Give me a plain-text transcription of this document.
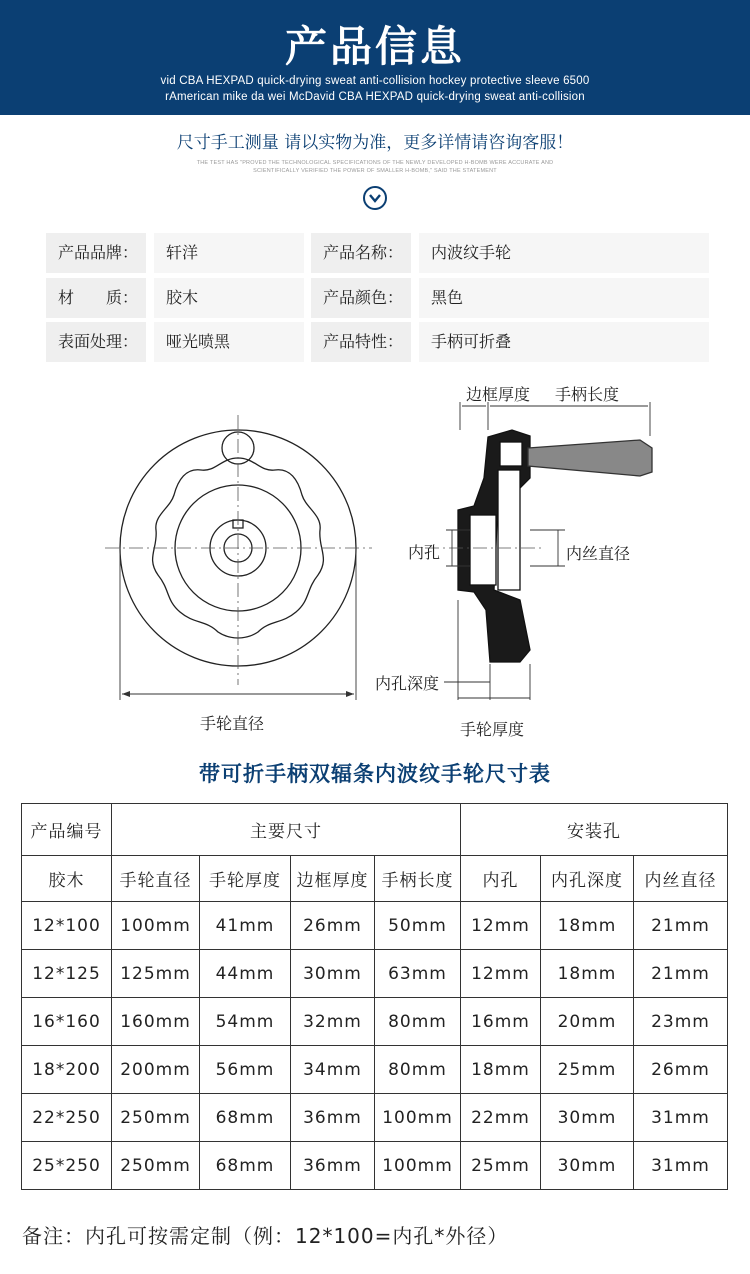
产品信息
vid CBA HEXPAD quick-drying sweat anti-collision hockey protective sleeve 6500
rAmerican mike da wei McDavid CBA HEXPAD quick-drying sweat anti-collision
尺寸手工测量 请以实物为准，更多详情请咨询客服！
THE TEST HAS "PROVED THE TECHNOLOGICAL SPECIFICATIONS OF THE NEWLY DEVELOPED H-BOMB WERE ACCURATE AND
SCIENTIFICALLY VERIFIED THE POWER OF SMALLER H-BOMB," SAID THE STATEMENT
产品品牌：	轩洋	产品名称：	内波纹手轮
材　　质：	胶木	产品颜色：	黑色
表面处理：	哑光喷黑	产品特性：	手柄可折叠
手轮直径
边框厚度 手柄长度
内孔	内丝直径
内孔深度
手轮厚度
带可折手柄双辐条内波纹手轮尺寸表
产品编号	主要尺寸				安装孔		
胶木	手轮直径	手轮厚度	边框厚度	手柄长度	内孔	内孔深度	内丝直径
12*100	100mm	41mm	26mm	50mm	12mm	18mm	21mm
12*125	125mm	44mm	30mm	63mm	12mm	18mm	21mm
16*160	160mm	54mm	32mm	80mm	16mm	20mm	23mm
18*200	200mm	56mm	34mm	80mm	18mm	25mm	26mm
22*250	250mm	68mm	36mm	100mm	22mm	30mm	31mm
25*250	250mm	68mm	36mm	100mm	25mm	30mm	31mm
备注：内孔可按需定制（例：12*100=内孔*外径）
